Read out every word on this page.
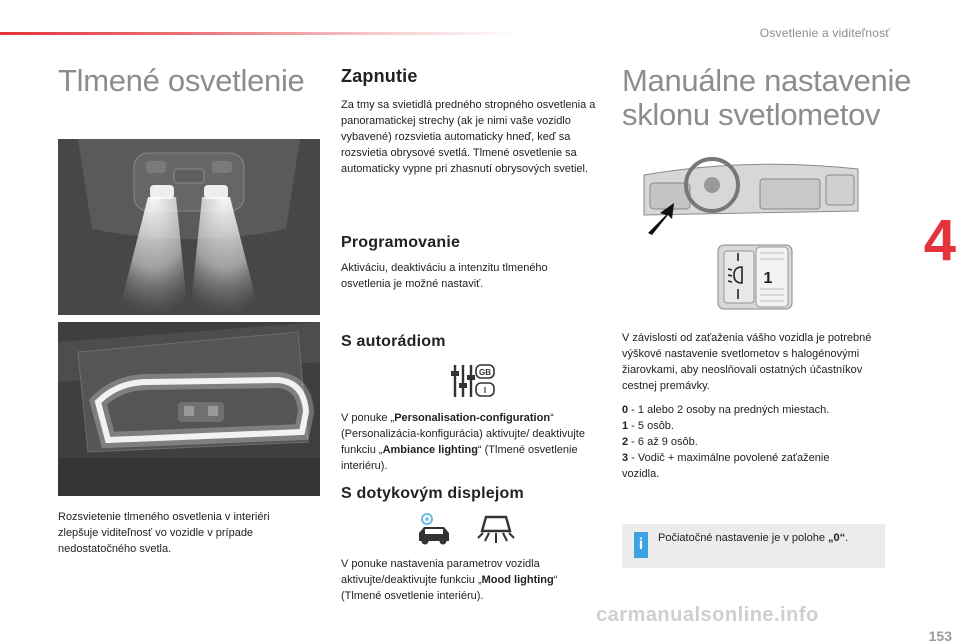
Osvetlenie a viditeľnosť
4
Tlmené osvetlenie

Rozsvietenie tlmeného osvetlenia v interiéri zlepšuje viditeľnosť vo vozidle v prípade nedostatočného svetla.

Zapnutie

Za tmy sa svietidlá predného stropného osvetlenia a panoramatickej strechy (ak je nimi vaše vozidlo vybavené) rozsvietia automaticky hneď, keď sa rozsvietia obrysové svetlá. Tlmené osvetlenie sa automaticky vypne pri zhasnutí obrysových svetiel.

Programovanie

Aktiváciu, deaktiváciu a intenzitu tlmeného osvetlenia je možné nastaviť.

S autorádiom
GB
I

V ponuke „Personalisation-configuration“ (Personalizácia-konfigurácia) aktivujte/ deaktivujte funkciu „Ambiance lighting“ (Tlmené osvetlenie interiéru).

S dotykovým displejom

V ponuke nastavenia parametrov vozidla aktivujte/deaktivujte funkciu „Mood lighting“ (Tlmené osvetlenie interiéru).

Manuálne nastavenie
sklonu svetlometov
1

V závislosti od zaťaženia vášho vozidla je potrebné výškové nastavenie svetlometov s halogénovými žiarovkami, aby neoslňovali ostatných účastníkov cestnej premávky.

0 - 1 alebo 2 osoby na predných miestach.
1 - 5 osôb.
2 - 6 až 9 osôb.
3 - Vodič + maximálne povolené zaťaženie vozidla.
i	Počiatočné nastavenie je v polohe „0“.
carmanualsonline.info
153
